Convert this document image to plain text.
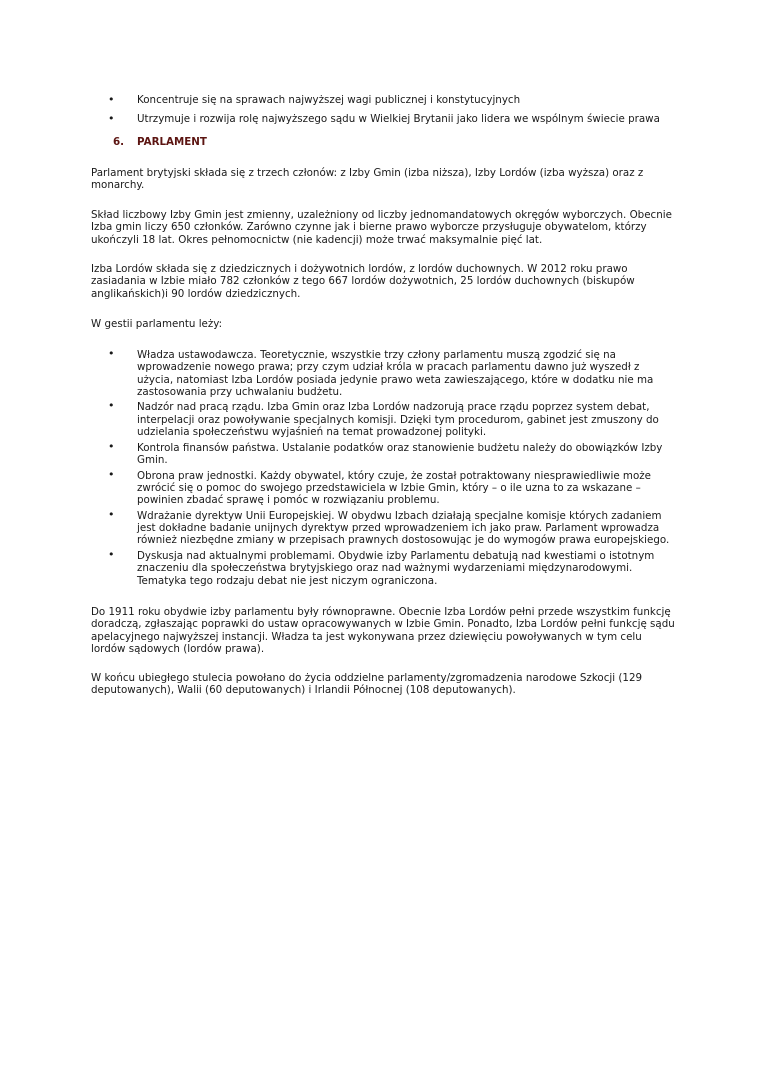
• Koncentruje się na sprawach najwyższej wagi publicznej i konstytucyjnych
• Utrzymuje i rozwija rolę najwyższego sądu w Wielkiej Brytanii jako lidera we wspólnym świecie prawa
6. PARLAMENT

Parlament brytyjski składa się z trzech członów: z Izby Gmin (izba niższa), Izby Lordów (izba wyższa) oraz z monarchy.

Skład liczbowy Izby Gmin jest zmienny, uzależniony od liczby jednomandatowych okręgów wyborczych. Obecnie Izba gmin liczy 650 członków. Zarówno czynne jak i bierne prawo wyborcze przysługuje obywatelom, którzy ukończyli 18 lat. Okres pełnomocnictw (nie kadencji) może trwać maksymalnie pięć lat.

Izba Lordów składa się z dziedzicznych i dożywotnich lordów, z lordów duchownych. W 2012 roku prawo zasiadania w Izbie miało 782 członków z tego 667 lordów dożywotnich, 25 lordów duchownych (biskupów anglikańskich)i 90 lordów dziedzicznych.

W gestii parlamentu leży:

• Władza ustawodawcza. Teoretycznie, wszystkie trzy człony parlamentu muszą zgodzić się na wprowadzenie nowego prawa; przy czym udział króla w pracach parlamentu dawno już wyszedł z użycia, natomiast Izba Lordów posiada jedynie prawo weta zawieszającego, które w dodatku nie ma zastosowania przy uchwalaniu budżetu.
• Nadzór nad pracą rządu. Izba Gmin oraz Izba Lordów nadzorują prace rządu poprzez system debat, interpelacji oraz powoływanie specjalnych komisji. Dzięki tym procedurom, gabinet jest zmuszony do udzielania społeczeństwu wyjaśnień na temat prowadzonej polityki.
• Kontrola finansów państwa. Ustalanie podatków oraz stanowienie budżetu należy do obowiązków Izby Gmin.
• Obrona praw jednostki. Każdy obywatel, który czuje, że został potraktowany niesprawiedliwie może zwrócić się o pomoc do swojego przedstawiciela w Izbie Gmin, który – o ile uzna to za wskazane – powinien zbadać sprawę i pomóc w rozwiązaniu problemu.
• Wdrażanie dyrektyw Unii Europejskiej. W obydwu Izbach działają specjalne komisje których zadaniem jest dokładne badanie unijnych dyrektyw przed wprowadzeniem ich jako praw. Parlament wprowadza również niezbędne zmiany w przepisach prawnych dostosowując je do wymogów prawa europejskiego.
• Dyskusja nad aktualnymi problemami. Obydwie izby Parlamentu debatują nad kwestiami o istotnym znaczeniu dla społeczeństwa brytyjskiego oraz nad ważnymi wydarzeniami międzynarodowymi. Tematyka tego rodzaju debat nie jest niczym ograniczona.

Do 1911 roku obydwie izby parlamentu były równoprawne. Obecnie Izba Lordów pełni przede wszystkim funkcję doradczą, zgłaszając poprawki do ustaw opracowywanych w Izbie Gmin. Ponadto, Izba Lordów pełni funkcję sądu apelacyjnego najwyższej instancji. Władza ta jest wykonywana przez dziewięciu powoływanych w tym celu lordów sądowych (lordów prawa).

W końcu ubiegłego stulecia powołano do życia oddzielne parlamenty/zgromadzenia narodowe Szkocji (129 deputowanych), Walii (60 deputowanych) i Irlandii Północnej (108 deputowanych).
